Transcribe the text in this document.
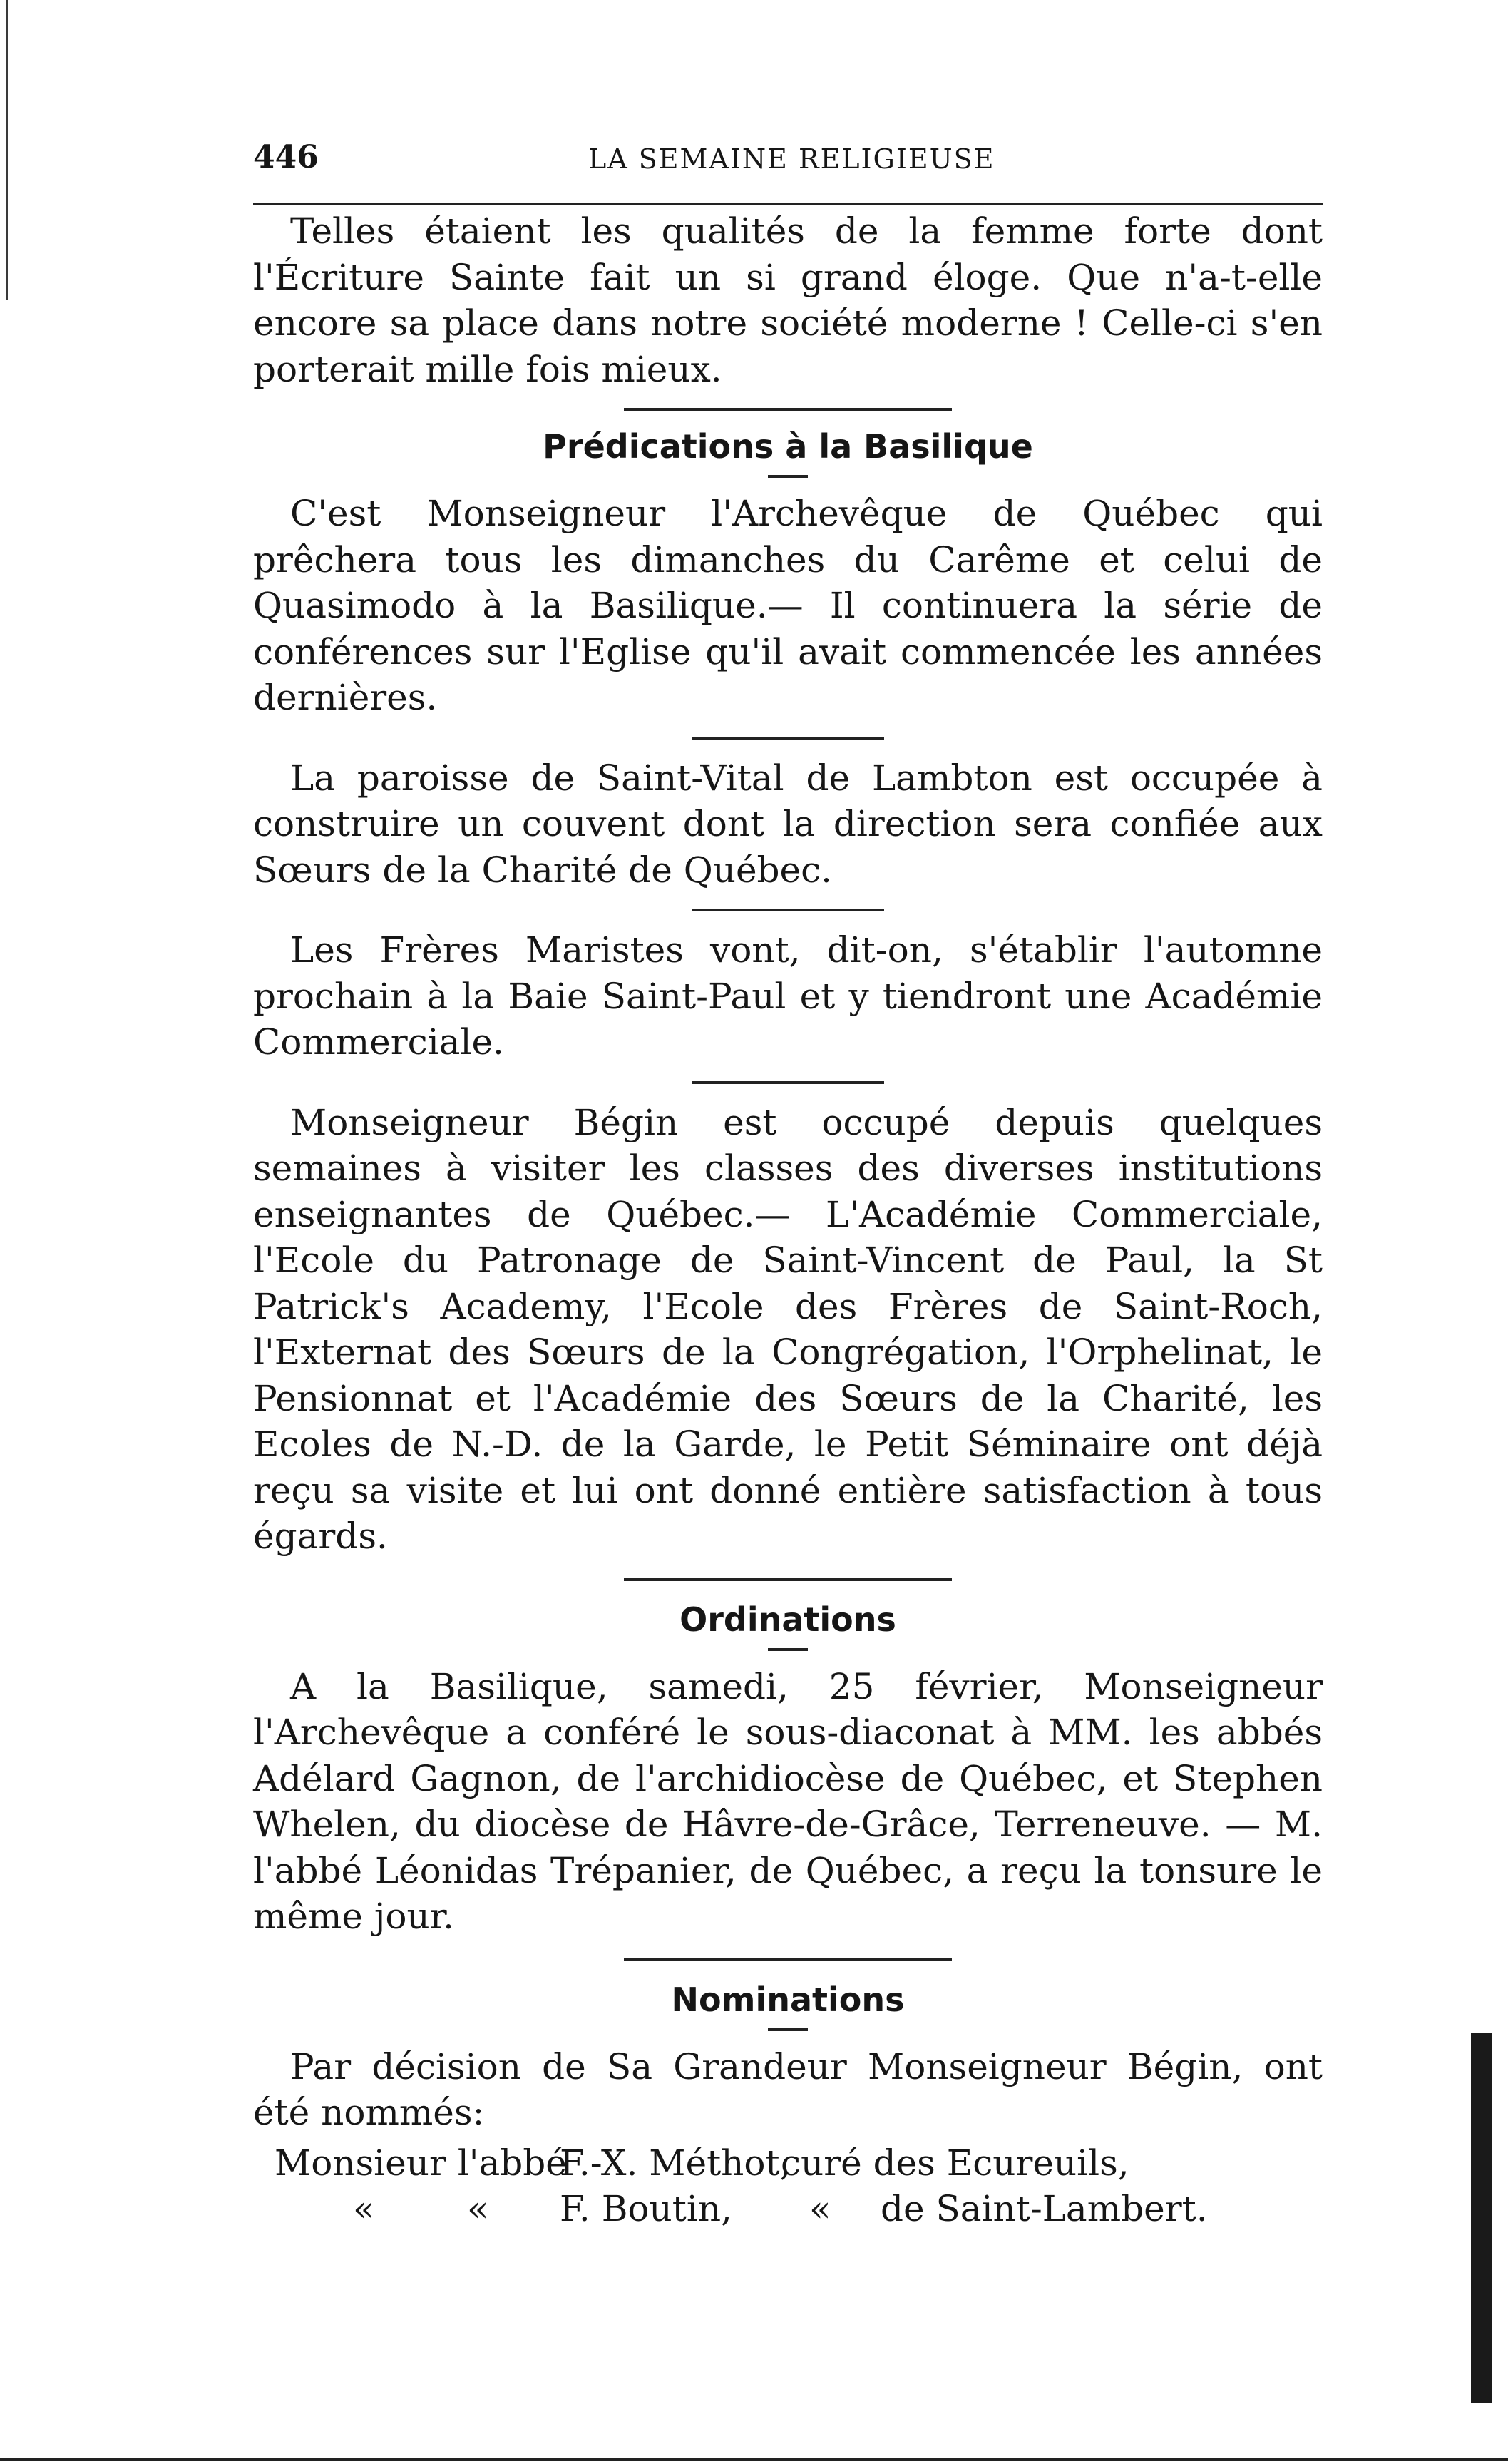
446	LA SEMAINE RELIGIEUSE

Telles étaient les qualités de la femme forte dont l'Écriture Sainte fait un si grand éloge. Que n'a-t-elle encore sa place dans notre société moderne ! Celle-ci s'en porterait mille fois mieux.

Prédications à la Basilique

C'est Monseigneur l'Archevêque de Québec qui prêchera tous les dimanches du Carême et celui de Quasimodo à la Basilique.— Il continuera la série de conférences sur l'Eglise qu'il avait commencée les années dernières.

La paroisse de Saint-Vital de Lambton est occupée à construire un couvent dont la direction sera confiée aux Sœurs de la Charité de Québec.

Les Frères Maristes vont, dit-on, s'établir l'automne prochain à la Baie Saint-Paul et y tiendront une Académie Commerciale.

Monseigneur Bégin est occupé depuis quelques semaines à visiter les classes des diverses institutions enseignantes de Québec.— L'Académie Commerciale, l'Ecole du Patronage de Saint-Vincent de Paul, la St Patrick's Academy, l'Ecole des Frères de Saint-Roch, l'Externat des Sœurs de la Congrégation, l'Orphelinat, le Pensionnat et l'Académie des Sœurs de la Charité, les Ecoles de N.-D. de la Garde, le Petit Séminaire ont déjà reçu sa visite et lui ont donné entière satisfaction à tous égards.

Ordinations

A la Basilique, samedi, 25 février, Monseigneur l'Archevêque a conféré le sous-diaconat à MM. les abbés Adélard Gagnon, de l'archidiocèse de Québec, et Stephen Whelen, du diocèse de Hâvre-de-Grâce, Terreneuve. — M. l'abbé Léonidas Trépanier, de Québec, a reçu la tonsure le même jour.

Nominations

Par décision de Sa Grandeur Monseigneur Bégin, ont été nommés:

Monsieur l'abbé
F.-X. Méthot,
curé des Ecureuils,
«	« F. Boutin, « de Saint-Lambert.
